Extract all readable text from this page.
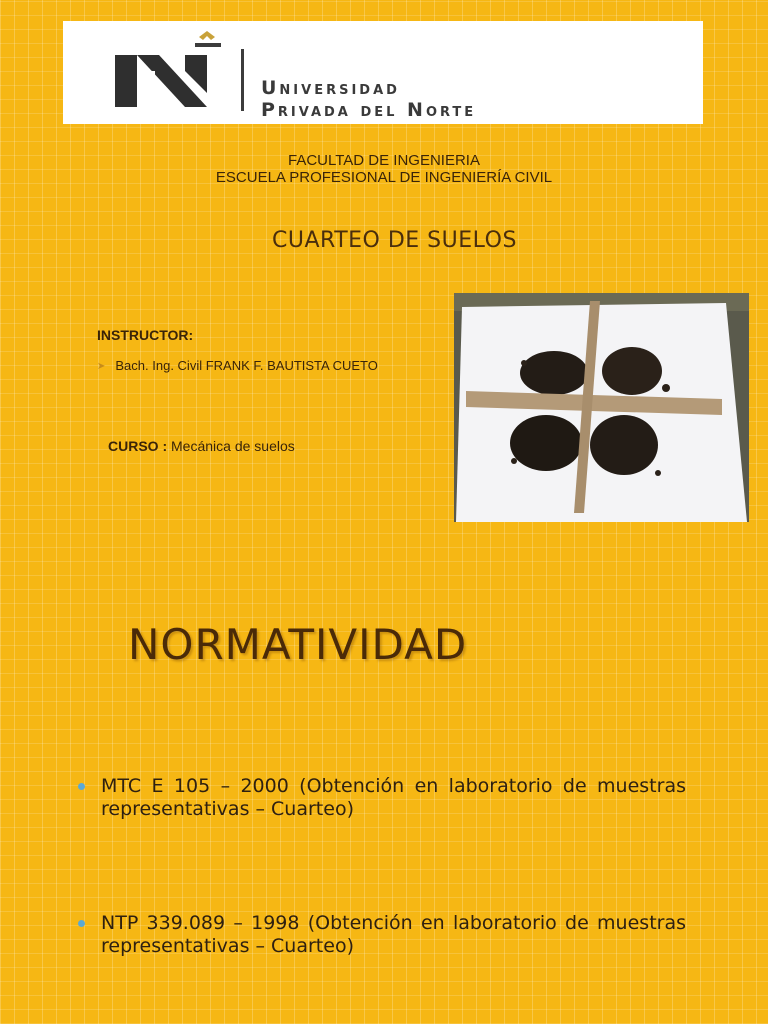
Universidad
Privada del Norte
FACULTAD DE INGENIERIA
ESCUELA PROFESIONAL DE INGENIERÍA CIVIL
CUARTEO DE SUELOS
INSTRUCTOR:
➤ Bach. Ing. Civil FRANK F. BAUTISTA CUETO
CURSO : Mecánica de suelos
NORMATIVIDAD
MTC E 105 – 2000 (Obtención en laboratorio de muestras representativas – Cuarteo)
NTP 339.089 – 1998 (Obtención en laboratorio de muestras representativas – Cuarteo)
